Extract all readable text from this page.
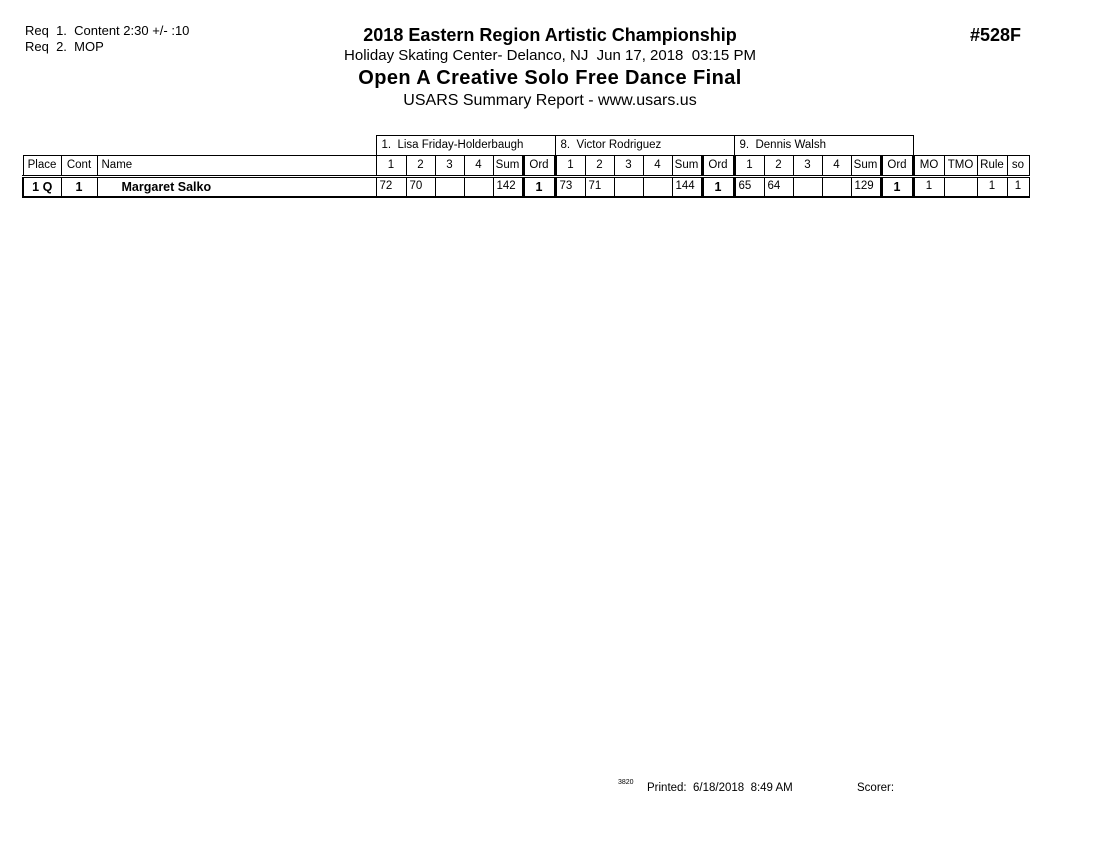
Req  1.  Content 2:30 +/- :10
Req  2.  MOP
2018 Eastern Region Artistic Championship
Holiday Skating Center- Delanco, NJ  Jun 17, 2018  03:15 PM
Open A Creative Solo Free Dance Final
USARS Summary Report - www.usars.us
#528F
			1.  Lisa Friday-Holderbaugh						8.  Victor Rodriguez						9.  Dennis Walsh									
Place	Cont	Name	1	2	3	4	Sum	Ord	1	2	3	4	Sum	Ord	1	2	3	4	Sum	Ord	MO	TMO	Rule	so
1 Q	1	Margaret Salko	72	70			142	1	73	71			144	1	65	64			129	1	1		1	1
3820 Printed:  6/18/2018  8:49 AM	Scorer:
